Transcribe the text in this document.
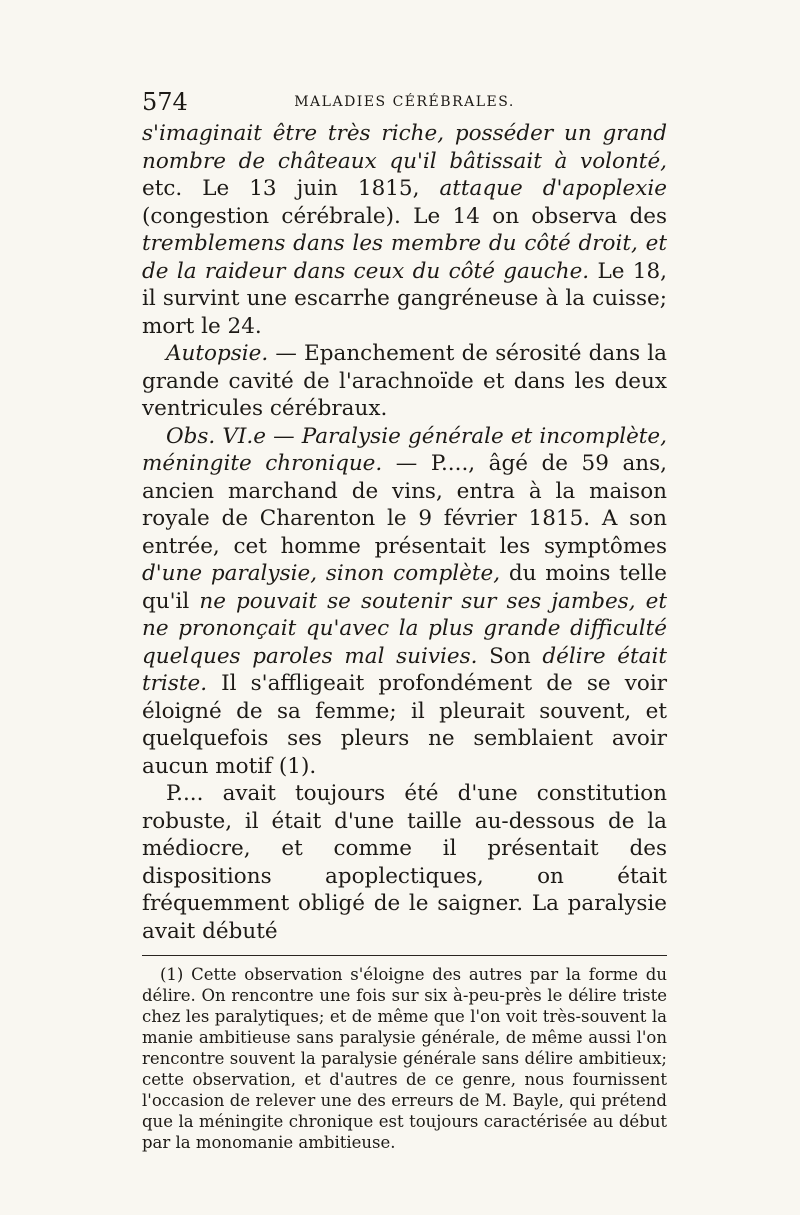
574	MALADIES CÉRÉBRALES.

s'imaginait être très riche, posséder un grand nombre de châteaux qu'il bâtissait à volonté, etc. Le 13 juin 1815, attaque d'apoplexie (congestion cérébrale). Le 14 on observa des tremblemens dans les membre du côté droit, et de la raideur dans ceux du côté gauche. Le 18, il survint une escarrhe gangréneuse à la cuisse; mort le 24.

Autopsie. — Epanchement de sérosité dans la grande cavité de l'arachnoïde et dans les deux ventricules cérébraux.

Obs. VI.e — Paralysie générale et incomplète, méningite chronique. — P...., âgé de 59 ans, ancien marchand de vins, entra à la maison royale de Charenton le 9 février 1815. A son entrée, cet homme présentait les symptômes d'une paralysie, sinon complète, du moins telle qu'il ne pouvait se soutenir sur ses jambes, et ne prononçait qu'avec la plus grande difficulté quelques paroles mal suivies. Son délire était triste. Il s'affligeait profondément de se voir éloigné de sa femme; il pleurait souvent, et quelquefois ses pleurs ne semblaient avoir aucun motif (1).

P.... avait toujours été d'une constitution robuste, il était d'une taille au-dessous de la médiocre, et comme il présentait des dispositions apoplectiques, on était fréquemment obligé de le saigner. La paralysie avait débuté

(1) Cette observation s'éloigne des autres par la forme du délire. On rencontre une fois sur six à-peu-près le délire triste chez les paralytiques; et de même que l'on voit très-souvent la manie ambitieuse sans paralysie générale, de même aussi l'on rencontre souvent la paralysie générale sans délire ambitieux; cette observation, et d'autres de ce genre, nous fournissent l'occasion de relever une des erreurs de M. Bayle, qui prétend que la méningite chronique est toujours caractérisée au début par la monomanie ambitieuse.
